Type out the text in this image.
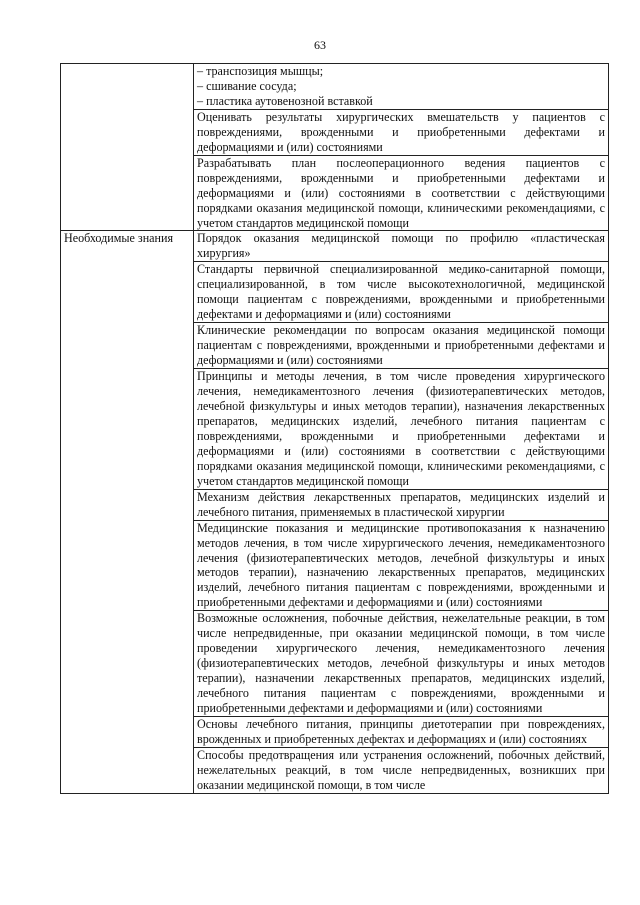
63

	– транспозиция мышцы;
– сшивание сосуда;
– пластика аутовенозной вставкой

	Оценивать результаты хирургических вмешательств у пациентов с повреждениями, врожденными и приобретенными дефектами и деформациями и (или) состояниями

	Разрабатывать план послеоперационного ведения пациентов с повреждениями, врожденными и приобретенными дефектами и деформациями и (или) состояниями в соответствии с действующими порядками оказания медицинской помощи, клиническими рекомендациями, с учетом стандартов медицинской помощи

Необходимые знания	Порядок оказания медицинской помощи по профилю «пластическая хирургия»

	Стандарты первичной специализированной медико-санитарной помощи, специализированной, в том числе высокотехнологичной, медицинской помощи пациентам с повреждениями, врожденными и приобретенными дефектами и деформациями и (или) состояниями

	Клинические рекомендации по вопросам оказания медицинской помощи пациентам с повреждениями, врожденными и приобретенными дефектами и деформациями и (или) состояниями

	Принципы и методы лечения, в том числе проведения хирургического лечения, немедикаментозного лечения (физиотерапевтических методов, лечебной физкультуры и иных методов терапии), назначения лекарственных препаратов, медицинских изделий, лечебного питания пациентам с повреждениями, врожденными и приобретенными дефектами и деформациями и (или) состояниями в соответствии с действующими порядками оказания медицинской помощи, клиническими рекомендациями, с учетом стандартов медицинской помощи

	Механизм действия лекарственных препаратов, медицинских изделий и лечебного питания, применяемых в пластической хирургии

	Медицинские показания и медицинские противопоказания к назначению методов лечения, в том числе хирургического лечения, немедикаментозного лечения (физиотерапевтических методов, лечебной физкультуры и иных методов терапии), назначению лекарственных препаратов, медицинских изделий, лечебного питания пациентам с повреждениями, врожденными и приобретенными дефектами и деформациями и (или) состояниями

	Возможные осложнения, побочные действия, нежелательные реакции, в том числе непредвиденные, при оказании медицинской помощи, в том числе проведении хирургического лечения, немедикаментозного лечения (физиотерапевтических методов, лечебной физкультуры и иных методов терапии), назначении лекарственных препаратов, медицинских изделий, лечебного питания пациентам с повреждениями, врожденными и приобретенными дефектами и деформациями и (или) состояниями

	Основы лечебного питания, принципы диетотерапии при повреждениях, врожденных и приобретенных дефектах и деформациях и (или) состояниях

	Способы предотвращения или устранения осложнений, побочных действий, нежелательных реакций, в том числе непредвиденных, возникших при оказании медицинской помощи, в том числе
